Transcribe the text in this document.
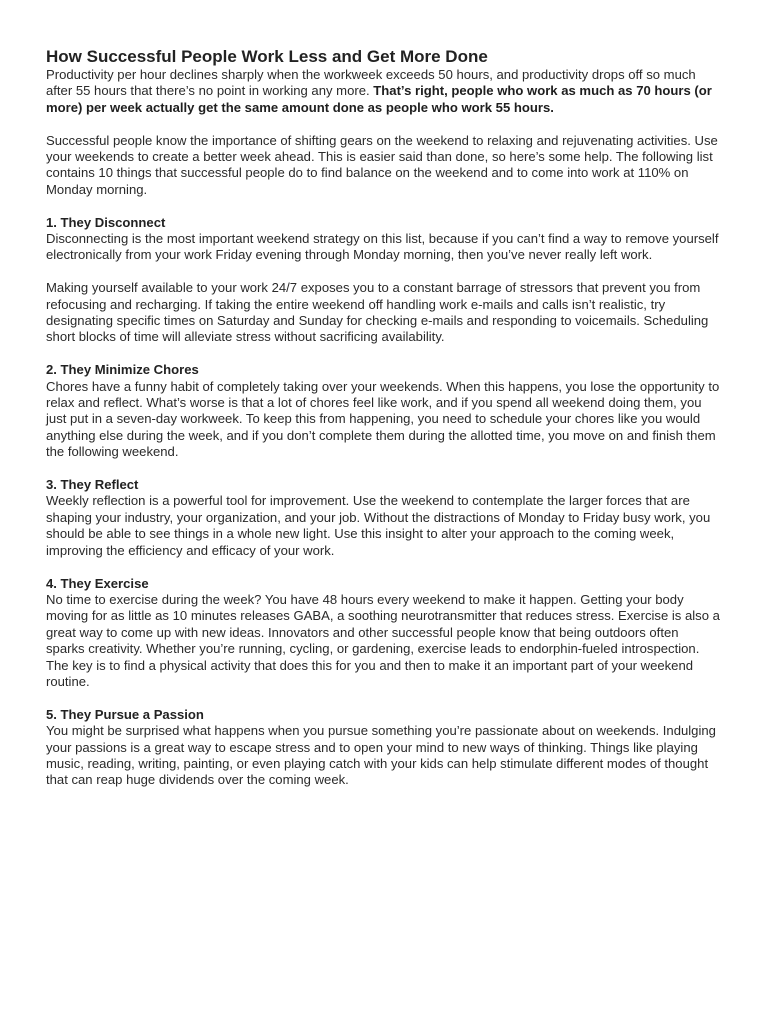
How Successful People Work Less and Get More Done

Productivity per hour declines sharply when the workweek exceeds 50 hours, and productivity drops off so much after 55 hours that there’s no point in working any more. That’s right, people who work as much as 70 hours (or more) per week actually get the same amount done as people who work 55 hours.

Successful people know the importance of shifting gears on the weekend to relaxing and rejuvenating activities. Use your weekends to create a better week ahead. This is easier said than done, so here’s some help. The following list contains 10 things that successful people do to find balance on the weekend and to come into work at 110% on Monday morning.

1. They Disconnect

Disconnecting is the most important weekend strategy on this list, because if you can’t find a way to remove yourself electronically from your work Friday evening through Monday morning, then you’ve never really left work.

Making yourself available to your work 24/7 exposes you to a constant barrage of stressors that prevent you from refocusing and recharging. If taking the entire weekend off handling work e-mails and calls isn’t realistic, try designating specific times on Saturday and Sunday for checking e-mails and responding to voicemails. Scheduling short blocks of time will alleviate stress without sacrificing availability.

2. They Minimize Chores

Chores have a funny habit of completely taking over your weekends. When this happens, you lose the opportunity to relax and reflect. What’s worse is that a lot of chores feel like work, and if you spend all weekend doing them, you just put in a seven-day workweek. To keep this from happening, you need to schedule your chores like you would anything else during the week, and if you don’t complete them during the allotted time, you move on and finish them the following weekend.

3. They Reflect

Weekly reflection is a powerful tool for improvement. Use the weekend to contemplate the larger forces that are shaping your industry, your organization, and your job. Without the distractions of Monday to Friday busy work, you should be able to see things in a whole new light. Use this insight to alter your approach to the coming week, improving the efficiency and efficacy of your work.

4. They Exercise

No time to exercise during the week? You have 48 hours every weekend to make it happen. Getting your body moving for as little as 10 minutes releases GABA, a soothing neurotransmitter that reduces stress. Exercise is also a great way to come up with new ideas. Innovators and other successful people know that being outdoors often sparks creativity. Whether you’re running, cycling, or gardening, exercise leads to endorphin-fueled introspection. The key is to find a physical activity that does this for you and then to make it an important part of your weekend routine.

5. They Pursue a Passion

You might be surprised what happens when you pursue something you’re passionate about on weekends. Indulging your passions is a great way to escape stress and to open your mind to new ways of thinking. Things like playing music, reading, writing, painting, or even playing catch with your kids can help stimulate different modes of thought that can reap huge dividends over the coming week.
